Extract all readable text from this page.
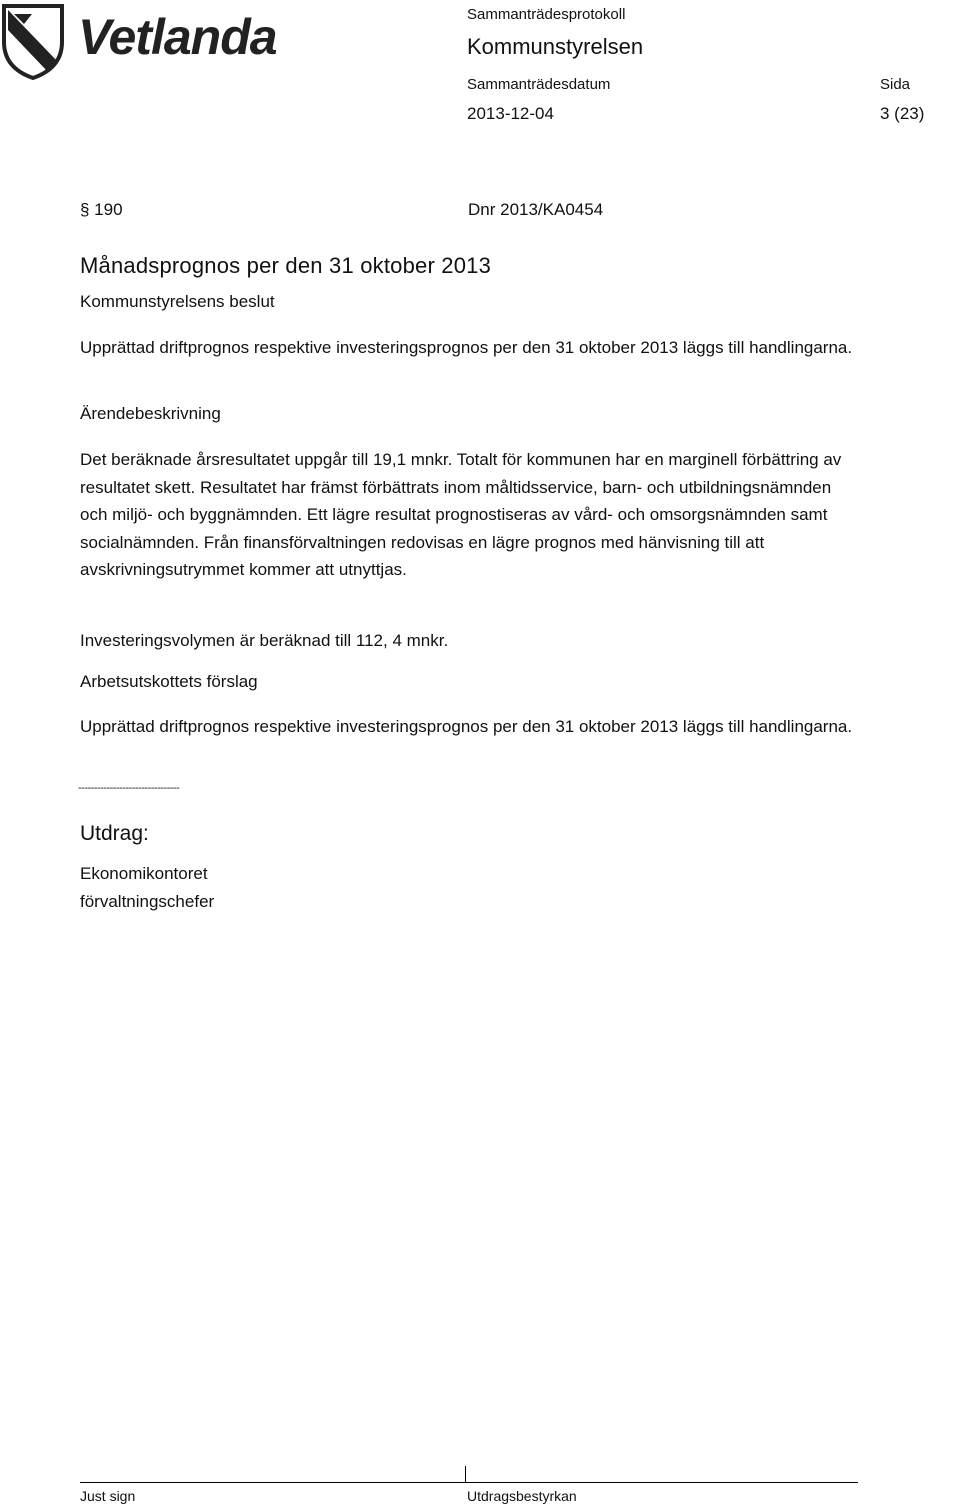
Vetlanda	Sammanträdesprotokoll
Kommunstyrelsen
Sammanträdesdatum	Sida
2013-12-04	3 (23)
§ 190	Dnr 2013/KA0454
Månadsprognos per den 31 oktober 2013
Kommunstyrelsens beslut
Upprättad driftprognos respektive investeringsprognos per den 31 oktober 2013 läggs till handlingarna.
Ärendebeskrivning
Det beräknade årsresultatet uppgår till 19,1 mnkr. Totalt för kommunen har en marginell förbättring av resultatet skett. Resultatet har främst förbättrats inom måltidsservice, barn- och utbildningsnämnden och miljö- och byggnämnden. Ett lägre resultat prognostiseras av vård- och omsorgsnämnden samt socialnämnden. Från finansförvaltningen redovisas en lägre prognos med hänvisning till att avskrivningsutrymmet kommer att utnyttjas.
Investeringsvolymen är beräknad till 112, 4 mnkr.
Arbetsutskottets förslag
Upprättad driftprognos respektive investeringsprognos per den 31 oktober 2013 läggs till handlingarna.
--------------------------------
Utdrag:
Ekonomikontoret
förvaltningschefer
Just sign	Utdragsbestyrkan
